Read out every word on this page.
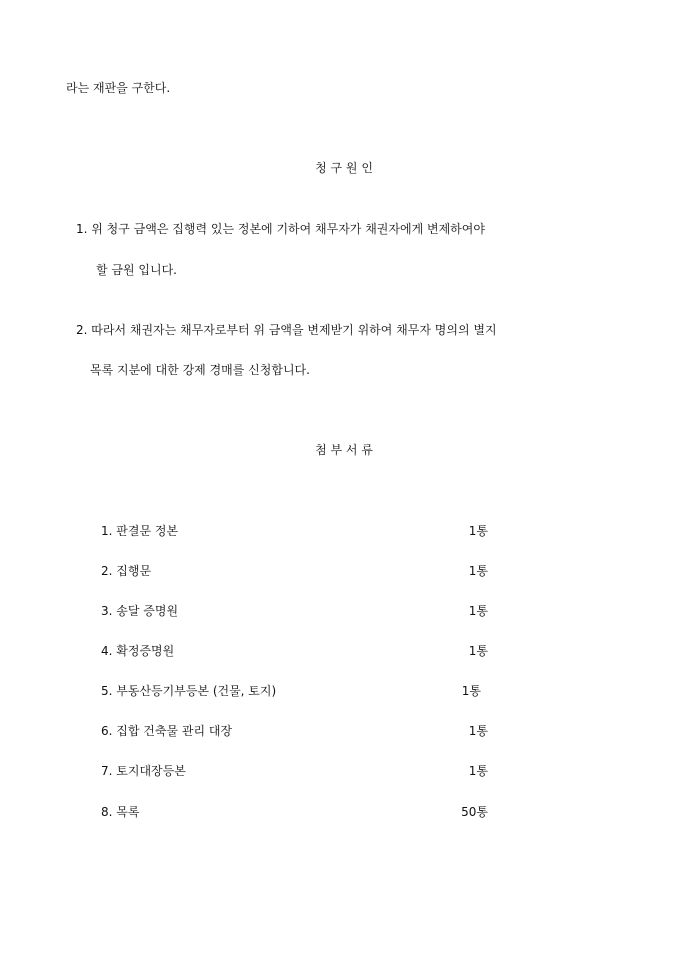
라는 재판을 구한다.
청 구 원 인
1. 위 청구 금액은 집행력 있는 정본에 기하여 채무자가 채권자에게 변제하여야
할 금원 입니다.
2. 따라서 채권자는 채무자로부터 위 금액을 변제받기 위하여 채무자 명의의 별지
목록 지분에 대한 강제 경매를 신청합니다.
첨 부 서 류
1. 판결문 정본	1통
2. 집행문	1통
3. 송달 증명원	1통
4. 확정증명원	1통
5. 부동산등기부등본 (건물, 토지)	1통
6. 집합 건축물 관리 대장	1통
7. 토지대장등본	1통
8. 목록	50통
